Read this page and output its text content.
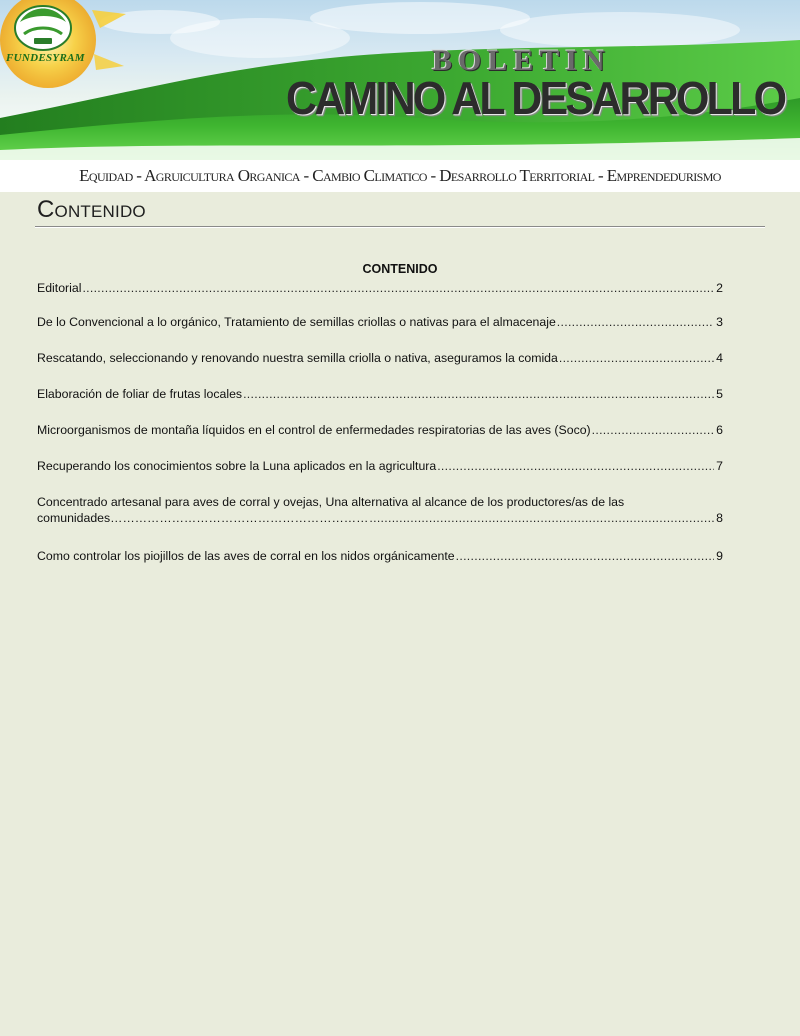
FUNDESYRAM	BOLETIN
CAMINO AL DESARROLLO
Equidad - Agruicultura Organica - Cambio Climatico - Desarrollo Territorial - Emprendedurismo
Contenido
CONTENIDO
Editorial .....	2
De lo Convencional a lo orgánico, Tratamiento de semillas criollas o nativas para el almacenaje .....	3
Rescatando, seleccionando y renovando nuestra semilla criolla o nativa, aseguramos la comida .....	4
Elaboración de foliar de frutas locales .....	5
Microorganismos de montaña líquidos en el control de enfermedades respiratorias de las aves (Soco) .....	6
Recuperando los conocimientos sobre la Luna aplicados en la agricultura .....	7
Concentrado artesanal para aves de corral y ovejas, Una alternativa al alcance de los productores/as de las
comunidades……………………………………………………… .....	8
Como controlar los piojillos de las aves de corral en los nidos orgánicamente .....	9
